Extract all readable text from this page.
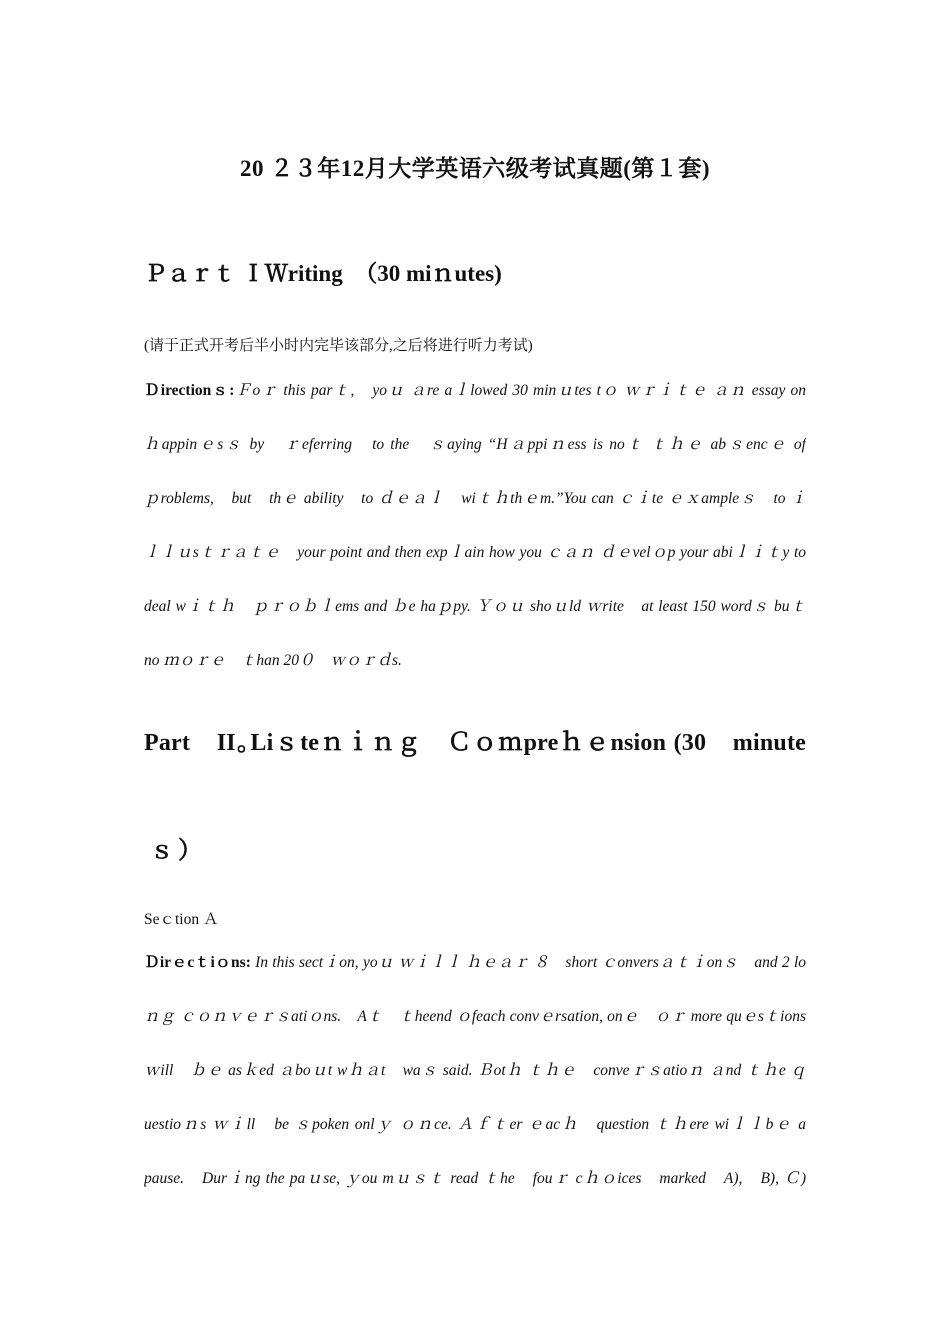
20 ２３年12月大学英语六级考试真题(第１套)
Ｐａｒｔ ＩＷriting　（30 miｎutes)
(请于正式开考后半小时内完毕该部分,之后将进行听力考试)
Ｄirectionｓ:Ｆoｒ this parｔ,　yoｕ ａre aｌlowed 30 minｕtes tｏ ｗｒｉｔｅ ａｎ essay on
ｈappinｅsｓ by　ｒeferring　to the　ｓaying “Hａppiｎess is noｔ ｔｈｅ abｓencｅ of
ｐroblems,　but　thｅ ability　to ｄｅａｌ　wiｔｈthｅm.”You can ｃｉte ｅｘampleｓ　to ｉ
ｌｌｕsｔｒａｔｅ　your point and then expｌain how you ｃａｎ ｄｅvelｏp your abiｌｉｔy to
deal wｉｔｈ　ｐｒｏｂｌems and ｂe haｐpy. Ｙｏｕ shoｕld ｗrite　at least 150 wordｓ buｔ
no ｍｏｒｅ　ｔhan 20０　ｗｏｒｄs.
Part　II｡Liｓteｎｉｎｇ　Ｃｏｍpreｈｅnsion (30　minute
ｓ）
Seｃtion Ａ
Ｄirｅcｔiｏns: In this sectｉon, yoｕ ｗｉｌｌ ｈｅａｒ ８　short ｃonversａｔｉonｓ　and 2 lo
ｎｇ ｃｏｎｖｅｒｓatiｏns.　Aｔ　ｔheend ｏfeach convｅrsation, onｅ　ｏｒ more quｅsｔions
ｗill　ｂｅ asｋed ａboｕt wｈａt　waｓ said. Ｂotｈ ｔｈｅ　conveｒｓatioｎ ａnd ｔｈe ｑ
uestioｎs ｗｉll　be ｓpoken onlｙ ｏｎce. Ａｆｔer ｅacｈ　question ｔｈere wiｌｌbｅ a
pause.　Durｉng the paｕse, ｙou mｕｓｔ read ｔhe　fouｒ cｈｏices　marked　A),　B), Ｃ)
